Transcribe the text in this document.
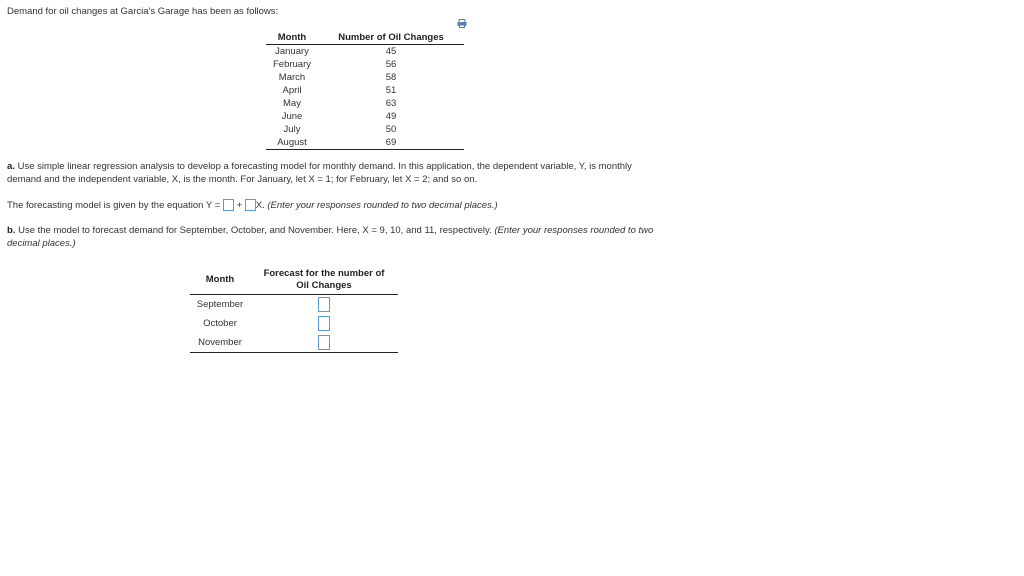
Demand for oil changes at Garcia's Garage has been as follows:
Month	Number of Oil Changes
January	45
February	56
March	58
April	51
May	63
June	49
July	50
August	69
a. Use simple linear regression analysis to develop a forecasting model for monthly demand. In this application, the dependent variable, Y, is monthly
demand and the independent variable, X, is the month. For January, let X = 1; for February, let X = 2; and so on.
The forecasting model is given by the equation Y = + X. (Enter your responses rounded to two decimal places.)
b. Use the model to forecast demand for September, October, and November. Here, X = 9, 10, and 11, respectively. (Enter your responses rounded to two
decimal places.)
Month	Forecast for the number of
Oil Changes

September	
October	
November	
